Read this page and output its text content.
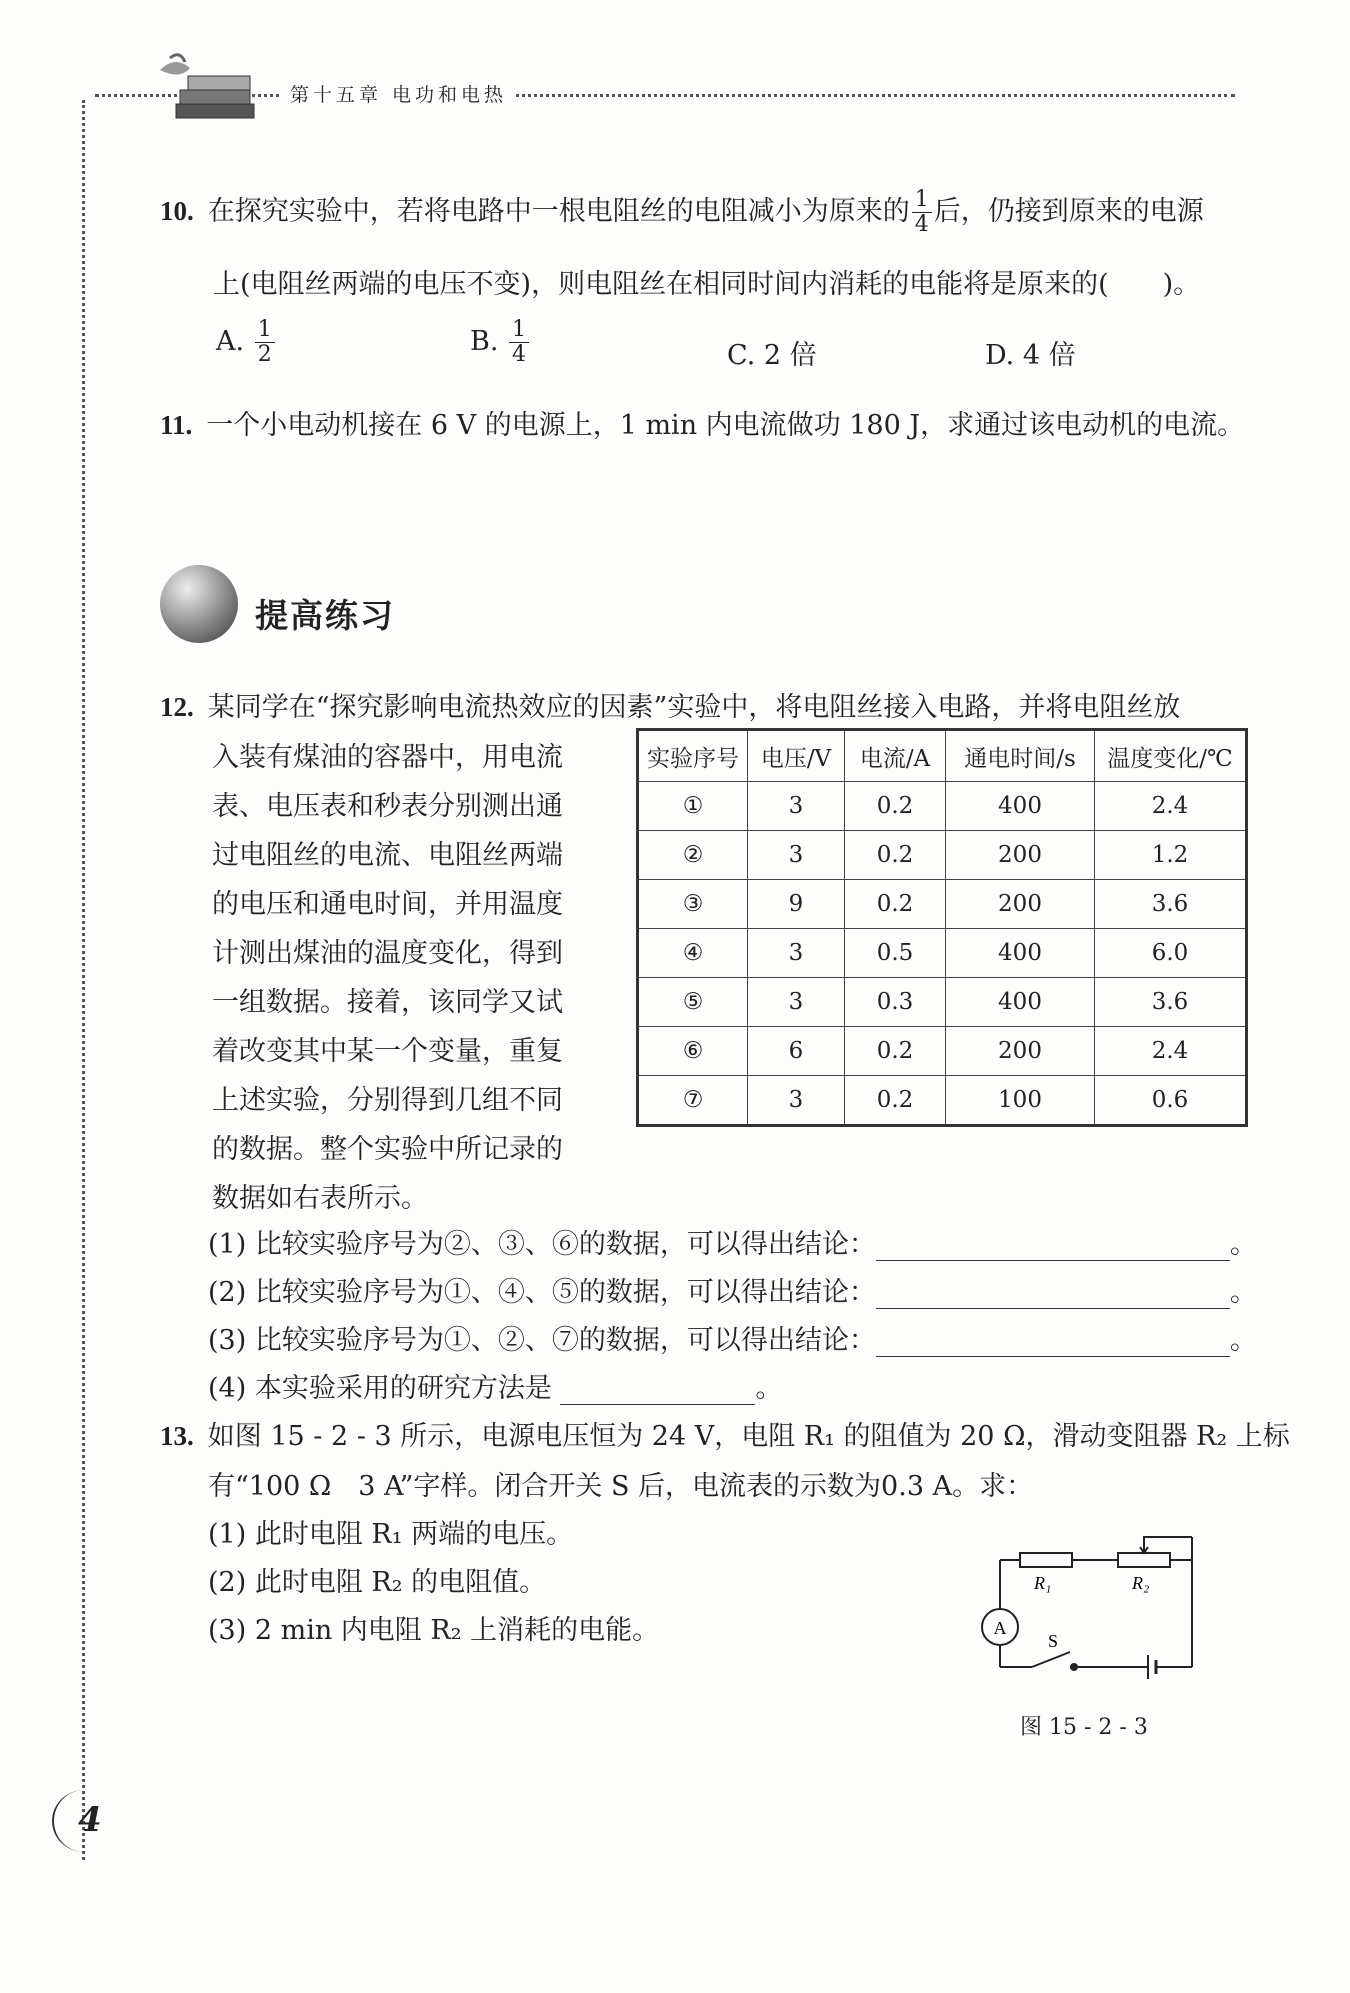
第十五章 电功和电热
10. 在探究实验中，若将电路中一根电阻丝的电阻减小为原来的 $\frac{1}{4}$ 后，仍接到原来的电源
上(电阻丝两端的电压不变)，则电阻丝在相同时间内消耗的电能将是原来的(　　)。
A. $\frac{1}{2}$	B. $\frac{1}{4}$	C. 2 倍	D. 4 倍
11. 一个小电动机接在 6 V 的电源上，1 min 内电流做功 180 J，求通过该电动机的电流。
提高练习
12. 某同学在“探究影响电流热效应的因素”实验中，将电阻丝接入电路，并将电阻丝放
入装有煤油的容器中，用电流
表、电压表和秒表分别测出通
过电阻丝的电流、电阻丝两端
的电压和通电时间，并用温度
计测出煤油的温度变化，得到
一组数据。接着，该同学又试
着改变其中某一个变量，重复
上述实验，分别得到几组不同
的数据。整个实验中所记录的
数据如右表所示。
实验序号	电压/V	电流/A	通电时间/s	温度变化/℃
①	3	0.2	400	2.4
②	3	0.2	200	1.2
③	9	0.2	200	3.6
④	3	0.5	400	6.0
⑤	3	0.3	400	3.6
⑥	6	0.2	200	2.4
⑦	3	0.2	100	0.6
(1) 比较实验序号为②、③、⑥的数据，可以得出结论：	。
(2) 比较实验序号为①、④、⑤的数据，可以得出结论：	。
(3) 比较实验序号为①、②、⑦的数据，可以得出结论：	。
(4) 本实验采用的研究方法是	。
13. 如图 15 - 2 - 3 所示，电源电压恒为 24 V，电阻 R₁ 的阻值为 20 Ω，滑动变阻器 R₂ 上标
有“100 Ω　3 A”字样。闭合开关 S 后，电流表的示数为0.3 A。求：
(1) 此时电阻 R₁ 两端的电压。
(2) 此时电阻 R₂ 的电阻值。
(3) 2 min 内电阻 R₂ 上消耗的电能。	A
R₁	R₂
S
图 15 - 2 - 3
4
